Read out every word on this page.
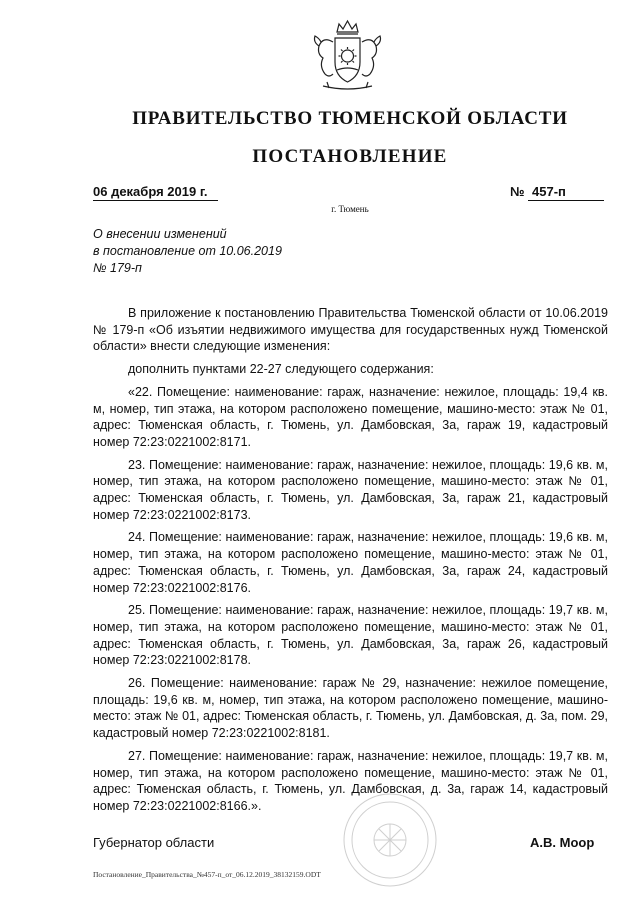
ПРАВИТЕЛЬСТВО ТЮМЕНСКОЙ ОБЛАСТИ
ПОСТАНОВЛЕНИЕ
06 декабря 2019 г.	№ 457-п
г. Тюмень
О внесении изменений
в постановление от 10.06.2019
№ 179-п

В приложение к постановлению Правительства Тюменской области от 10.06.2019 № 179-п «Об изъятии недвижимого имущества для государственных нужд Тюменской области» внести следующие изменения:

дополнить пунктами 22-27 следующего содержания:

«22. Помещение: наименование: гараж, назначение: нежилое, площадь: 19,4 кв. м, номер, тип этажа, на котором расположено помещение, машино-место: этаж № 01, адрес: Тюменская область, г. Тюмень, ул. Дамбовская, 3а, гараж 19, кадастровый номер 72:23:0221002:8171.

23. Помещение: наименование: гараж, назначение: нежилое, площадь: 19,6 кв. м, номер, тип этажа, на котором расположено помещение, машино-место: этаж № 01, адрес: Тюменская область, г. Тюмень, ул. Дамбовская, 3а, гараж 21, кадастровый номер 72:23:0221002:8173.

24. Помещение: наименование: гараж, назначение: нежилое, площадь: 19,6 кв. м, номер, тип этажа, на котором расположено помещение, машино-место: этаж № 01, адрес: Тюменская область, г. Тюмень, ул. Дамбовская, 3а, гараж 24, кадастровый номер 72:23:0221002:8176.

25. Помещение: наименование: гараж, назначение: нежилое, площадь: 19,7 кв. м, номер, тип этажа, на котором расположено помещение, машино-место: этаж № 01, адрес: Тюменская область, г. Тюмень, ул. Дамбовская, 3а, гараж 26, кадастровый номер 72:23:0221002:8178.

26. Помещение: наименование: гараж № 29, назначение: нежилое помещение, площадь: 19,6 кв. м, номер, тип этажа, на котором расположено помещение, машино-место: этаж № 01, адрес: Тюменская область, г. Тюмень, ул. Дамбовская, д. 3а, пом. 29, кадастровый номер 72:23:0221002:8181.

27. Помещение: наименование: гараж, назначение: нежилое, площадь: 19,7 кв. м, номер, тип этажа, на котором расположено помещение, машино-место: этаж № 01, адрес: Тюменская область, г. Тюмень, ул. Дамбовская, д. 3а, гараж 14, кадастровый номер 72:23:0221002:8166.».

Губернатор области	А.В. Моор
Постановление_Правительства_№457-п_от_06.12.2019_38132159.ODT
